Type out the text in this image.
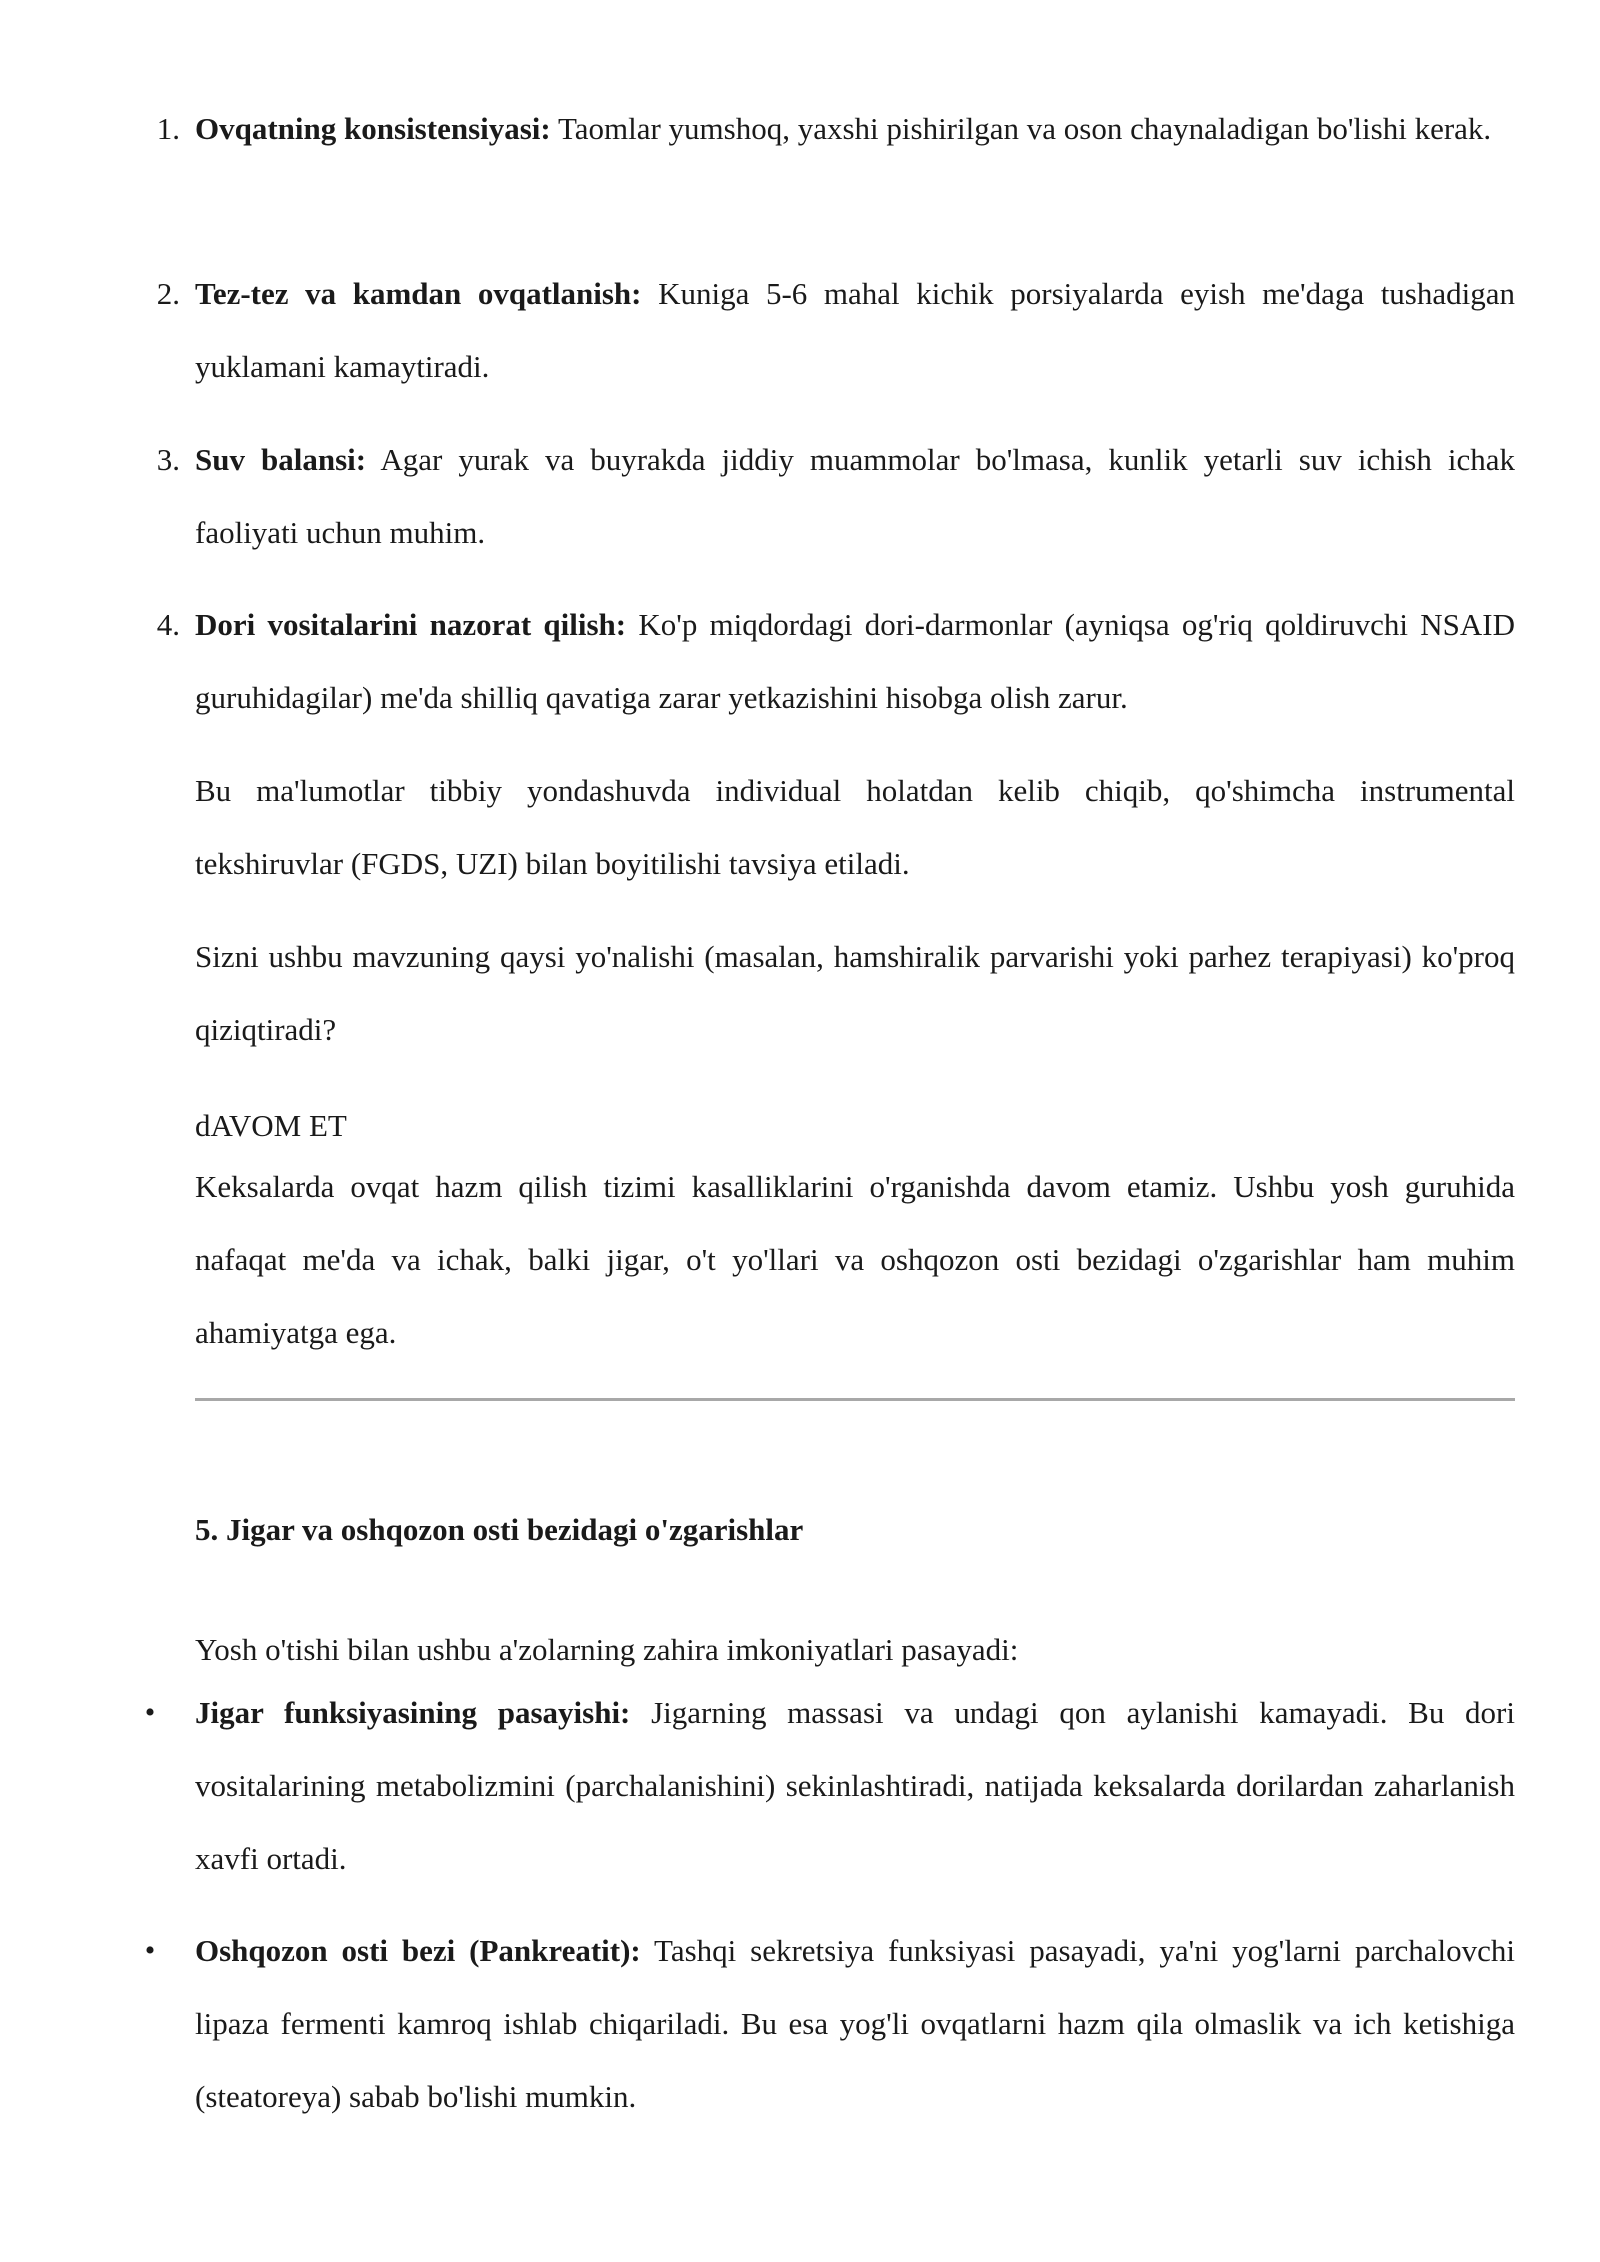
1. Ovqatning konsistensiyasi: Taomlar yumshoq, yaxshi pishirilgan va oson chaynaladigan bo'lishi kerak.

2. Tez-tez va kamdan ovqatlanish: Kuniga 5-6 mahal kichik porsiyalarda eyish me'daga tushadigan yuklamani kamaytiradi.

3. Suv balansi: Agar yurak va buyrakda jiddiy muammolar bo'lmasa, kunlik yetarli suv ichish ichak faoliyati uchun muhim.

4. Dori vositalarini nazorat qilish: Ko'p miqdordagi dori-darmonlar (ayniqsa og'riq qoldiruvchi NSAID guruhidagilar) me'da shilliq qavatiga zarar yetkazishini hisobga olish zarur.

Bu ma'lumotlar tibbiy yondashuvda individual holatdan kelib chiqib, qo'shimcha instrumental tekshiruvlar (FGDS, UZI) bilan boyitilishi tavsiya etiladi.

Sizni ushbu mavzuning qaysi yo'nalishi (masalan, hamshiralik parvarishi yoki parhez terapiyasi) ko'proq qiziqtiradi?

dAVOM ET

Keksalarda ovqat hazm qilish tizimi kasalliklarini o'rganishda davom etamiz. Ushbu yosh guruhida nafaqat me'da va ichak, balki jigar, o't yo'llari va oshqozon osti bezidagi o'zgarishlar ham muhim ahamiyatga ega.

5. Jigar va oshqozon osti bezidagi o'zgarishlar

Yosh o'tishi bilan ushbu a'zolarning zahira imkoniyatlari pasayadi:

• Jigar funksiyasining pasayishi: Jigarning massasi va undagi qon aylanishi kamayadi. Bu dori vositalarining metabolizmini (parchalanishini) sekinlashtiradi, natijada keksalarda dorilardan zaharlanish xavfi ortadi.

• Oshqozon osti bezi (Pankreatit): Tashqi sekretsiya funksiyasi pasayadi, ya'ni yog'larni parchalovchi lipaza fermenti kamroq ishlab chiqariladi. Bu esa yog'li ovqatlarni hazm qila olmaslik va ich ketishiga (steatoreya) sabab bo'lishi mumkin.
